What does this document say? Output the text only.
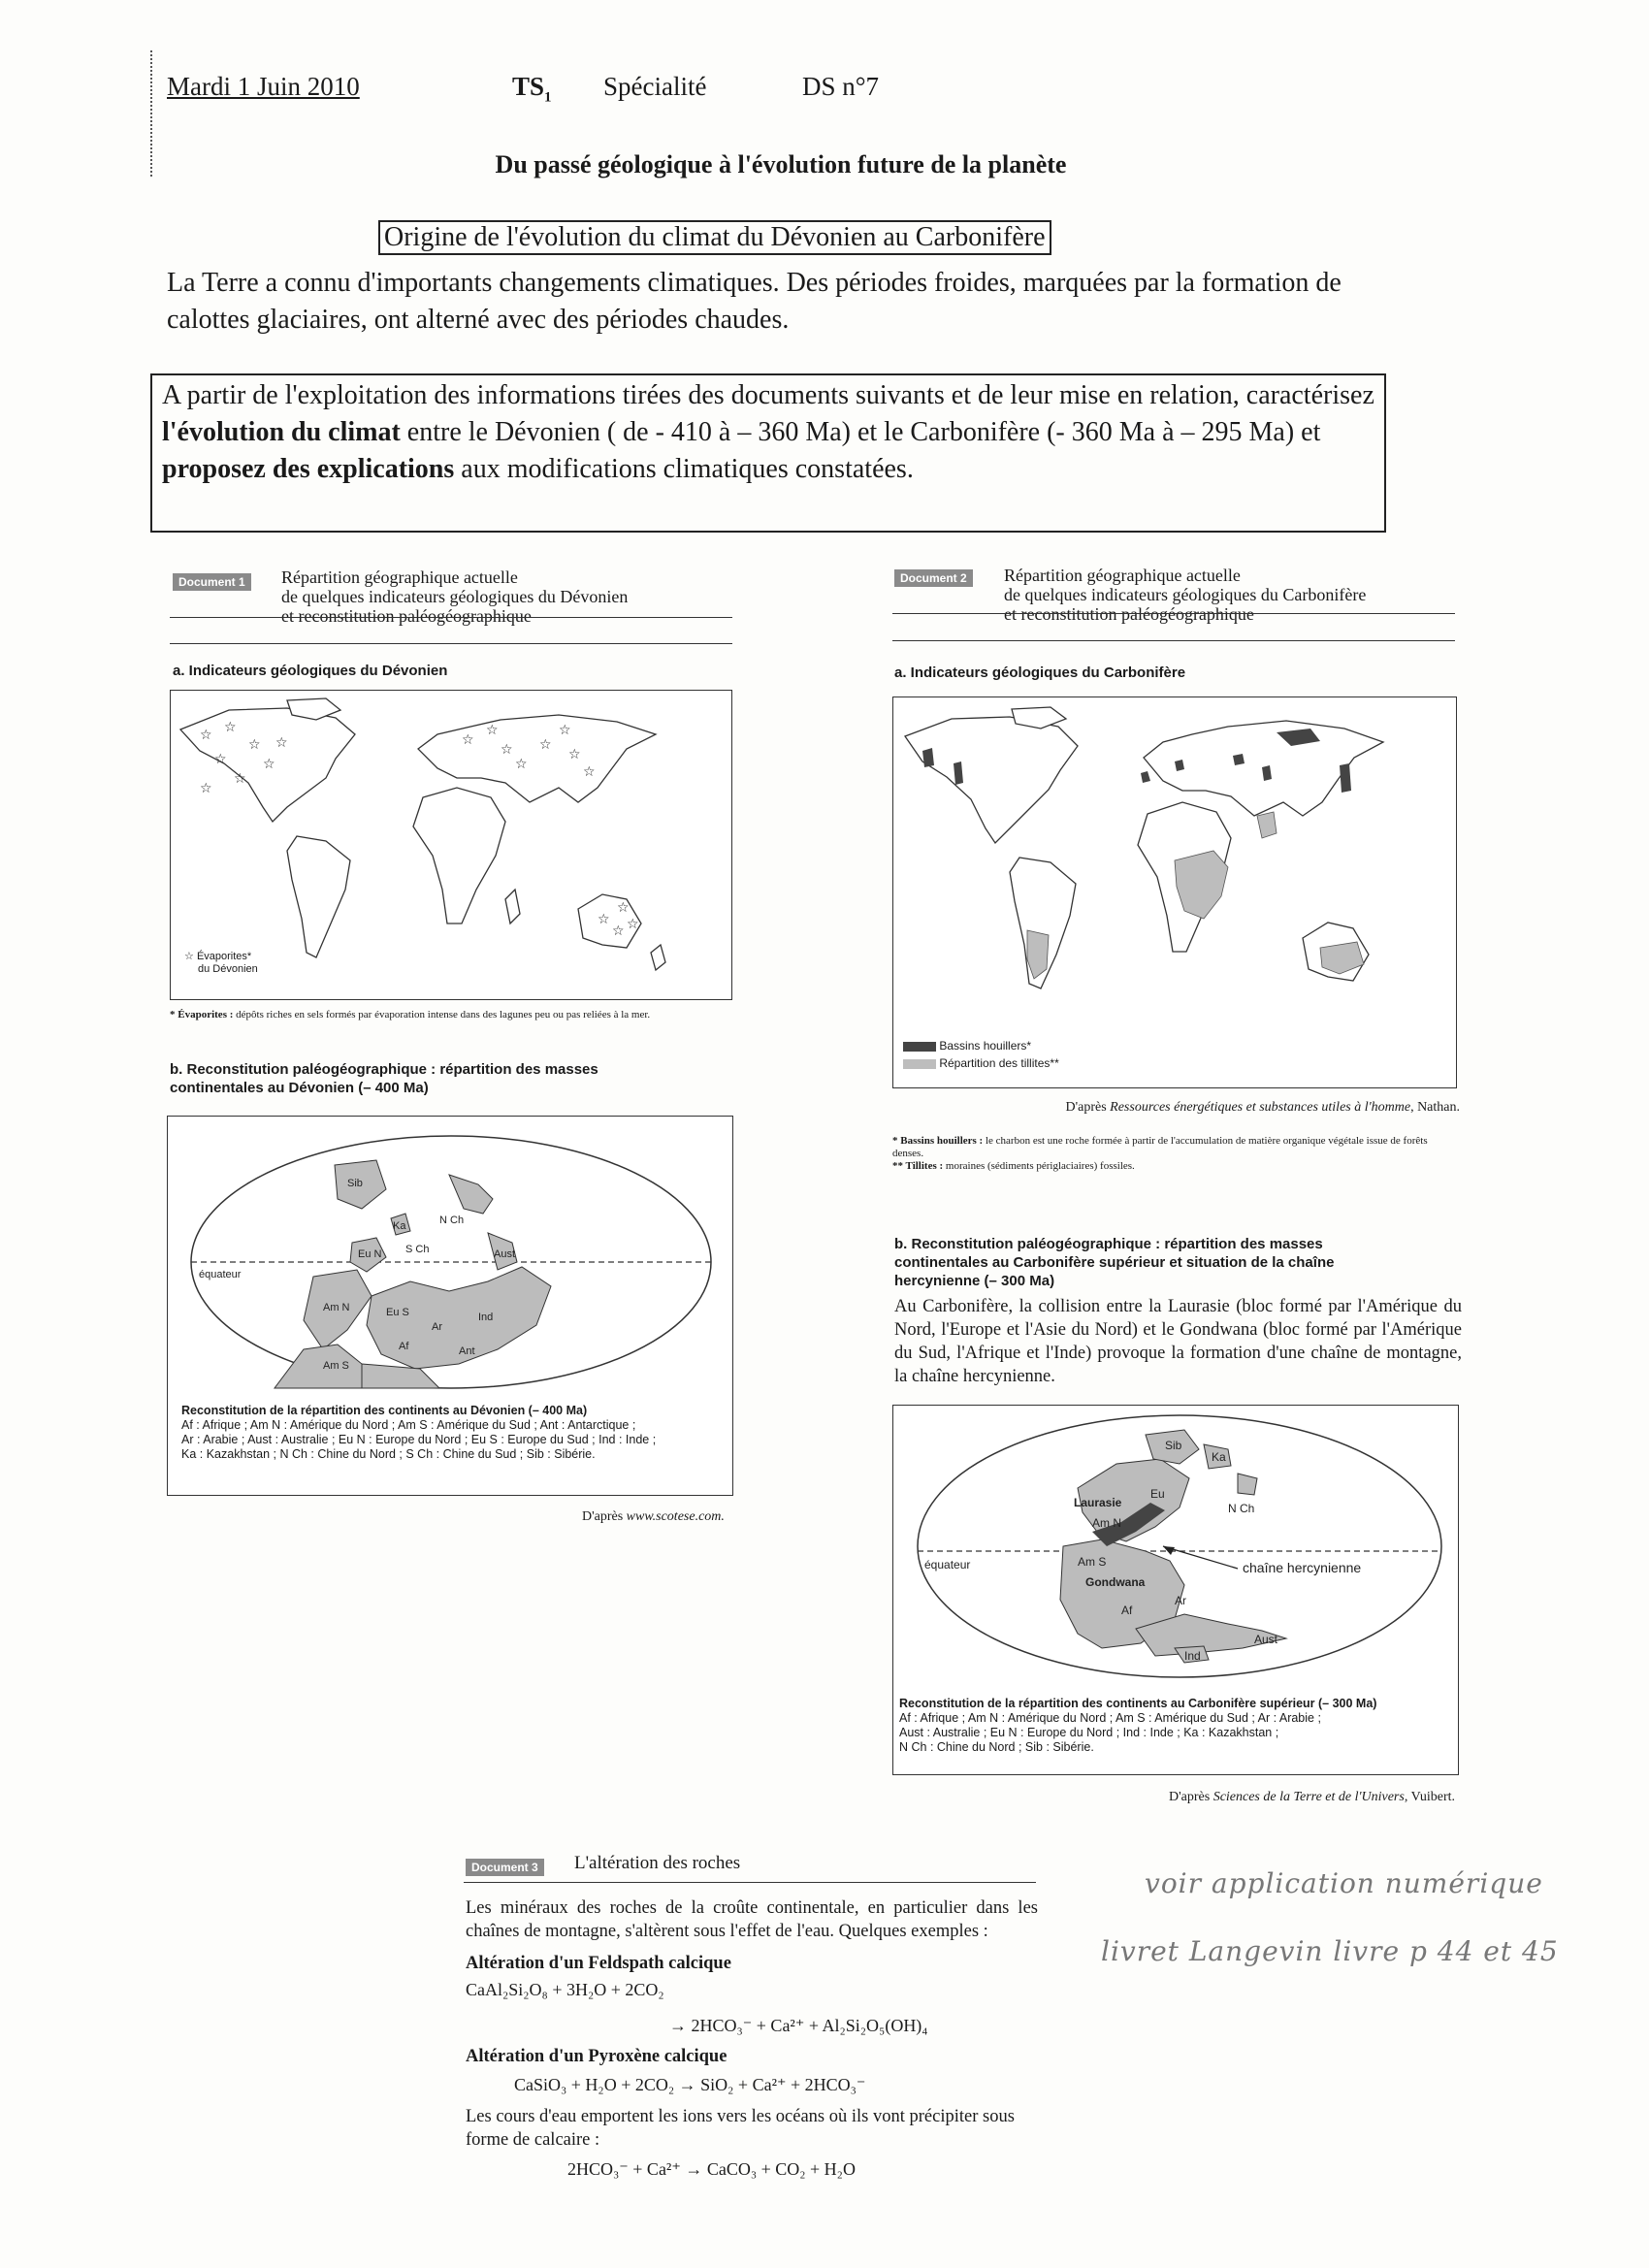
Mardi 1 Juin 2010	$TS_1$ Spécialité	DS n°7
Du passé géologique à l'évolution future de la planète
Origine de l'évolution du climat du Dévonien au Carbonifère
La Terre a connu d'importants changements climatiques. Des périodes froides, marquées par la formation de calottes glaciaires, ont alterné avec des périodes chaudes.
A partir de l'exploitation des informations tirées des documents suivants et de leur mise en relation, caractérisez l'évolution du climat entre le Dévonien ( de - 410 à – 360 Ma) et le Carbonifère (- 360 Ma à – 295 Ma) et proposez des explications aux modifications climatiques constatées.
Document 1	Répartition géographique actuelle
de quelques indicateurs géologiques du Dévonien
et reconstitution paléogéographique
a. Indicateurs géologiques du Dévonien
☆ ☆
☆
☆
☆
☆
☆
☆	☆
☆
☆
☆
☆
☆
☆
☆
☆
☆
☆ ☆
☆ Évaporites*
du Dévonien
* Évaporites : dépôts riches en sels formés par évaporation intense dans des lagunes peu ou pas reliées à la mer.
b. Reconstitution paléogéographique : répartition des masses
continentales au Dévonien (– 400 Ma)
Sib
Ka	N Ch
Eu N S Ch	Aust
Am N	Eu S
Ar
Ind
Am S
Af	Ant
équateur
Reconstitution de la répartition des continents au Dévonien (– 400 Ma)
Af : Afrique ; Am N : Amérique du Nord ; Am S : Amérique du Sud ; Ant : Antarctique ;
Ar : Arabie ; Aust : Australie ; Eu N : Europe du Nord ; Eu S : Europe du Sud ; Ind : Inde ;
Ka : Kazakhstan ; N Ch : Chine du Nord ; S Ch : Chine du Sud ; Sib : Sibérie.
D'après www.scotese.com.
Document 2	Répartition géographique actuelle
de quelques indicateurs géologiques du Carbonifère
et reconstitution paléogéographique
a. Indicateurs géologiques du Carbonifère
Bassins houillers*
Répartition des tillites**
D'après Ressources énergétiques et substances utiles à l'homme, Nathan.
* Bassins houillers : le charbon est une roche formée à partir de l'accumulation de matière organique végétale issue de forêts denses.
** Tillites : moraines (sédiments périglaciaires) fossiles.
b. Reconstitution paléogéographique : répartition des masses
continentales au Carbonifère supérieur et situation de la chaîne
hercynienne (– 300 Ma)
Au Carbonifère, la collision entre la Laurasie (bloc formé par l'Amérique du Nord, l'Europe et l'Asie du Nord) et le Gondwana (bloc formé par l'Amérique du Sud, l'Afrique et l'Inde) provoque la formation d'une chaîne de montagne, la chaîne hercynienne.
Laurasie
Sib
Ka
Eu
N Ch
Am N
Am S
Gondwana
Af
Ar
Aust
Ind
équateur	chaîne hercynienne
Reconstitution de la répartition des continents au Carbonifère supérieur (– 300 Ma)
Af : Afrique ; Am N : Amérique du Nord ; Am S : Amérique du Sud ; Ar : Arabie ;
Aust : Australie ; Eu N : Europe du Nord ; Ind : Inde ; Ka : Kazakhstan ;
N Ch : Chine du Nord ; Sib : Sibérie.
D'après Sciences de la Terre et de l'Univers, Vuibert.
Document 3	L'altération des roches
Les minéraux des roches de la croûte continentale, en particulier dans les chaînes de montagne, s'altèrent sous l'effet de l'eau. Quelques exemples :
Altération d'un Feldspath calcique
CaAl₂Si₂O₈ + 3H₂O + 2CO₂
→ 2HCO₃⁻ + Ca²⁺ + Al₂Si₂O₅(OH)₄
Altération d'un Pyroxène calcique
CaSiO₃ + H₂O + 2CO₂ → SiO₂ + Ca²⁺ + 2HCO₃⁻
Les cours d'eau emportent les ions vers les océans où ils vont précipiter sous forme de calcaire :
2HCO₃⁻ + Ca²⁺ → CaCO₃ + CO₂ + H₂O
voir application numérique
livret Langevin livre p 44 et 45
